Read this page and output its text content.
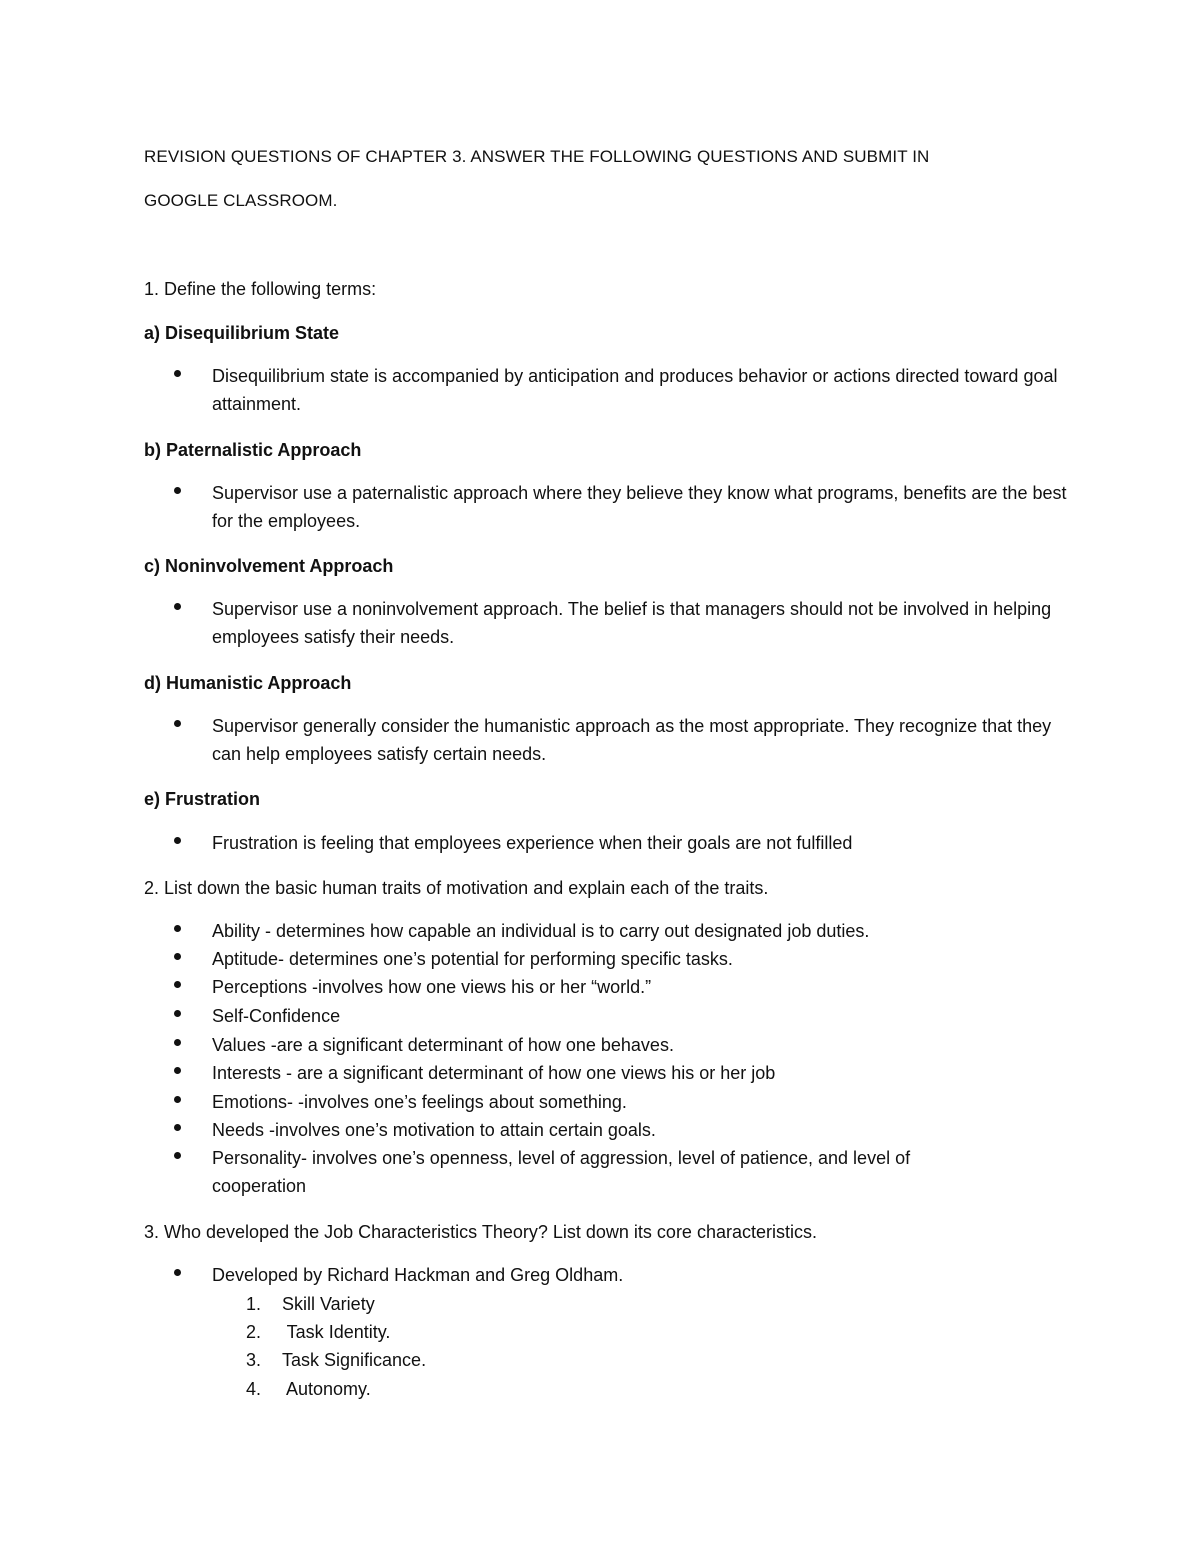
REVISION QUESTIONS OF CHAPTER 3. ANSWER THE FOLLOWING QUESTIONS AND SUBMIT IN
GOOGLE CLASSROOM.
1. Define the following terms:
a) Disequilibrium State
Disequilibrium state is accompanied by anticipation and produces behavior or actions directed toward goal attainment.
b) Paternalistic Approach
Supervisor use a paternalistic approach where they believe they know what programs, benefits are the best for the employees.
c) Noninvolvement Approach
Supervisor use a noninvolvement approach. The belief is that managers should not be involved in helping employees satisfy their needs.
d) Humanistic Approach
Supervisor generally consider the humanistic approach as the most appropriate. They recognize that they can help employees satisfy certain needs.
e) Frustration
Frustration is feeling that employees experience when their goals are not fulfilled
2. List down the basic human traits of motivation and explain each of the traits.
Ability - determines how capable an individual is to carry out designated job duties.
Aptitude- determines one’s potential for performing specific tasks.
Perceptions -involves how one views his or her “world.”
Self-Confidence
Values -are a significant determinant of how one behaves.
Interests - are a significant determinant of how one views his or her job
Emotions- -involves one’s feelings about something.
Needs -involves one’s motivation to attain certain goals.
Personality- involves one’s openness, level of aggression, level of patience, and level of cooperation
3. Who developed the Job Characteristics Theory? List down its core characteristics.
Developed by Richard Hackman and Greg Oldham.
1. Skill Variety
2. Task Identity.
3. Task Significance.
4. Autonomy.
